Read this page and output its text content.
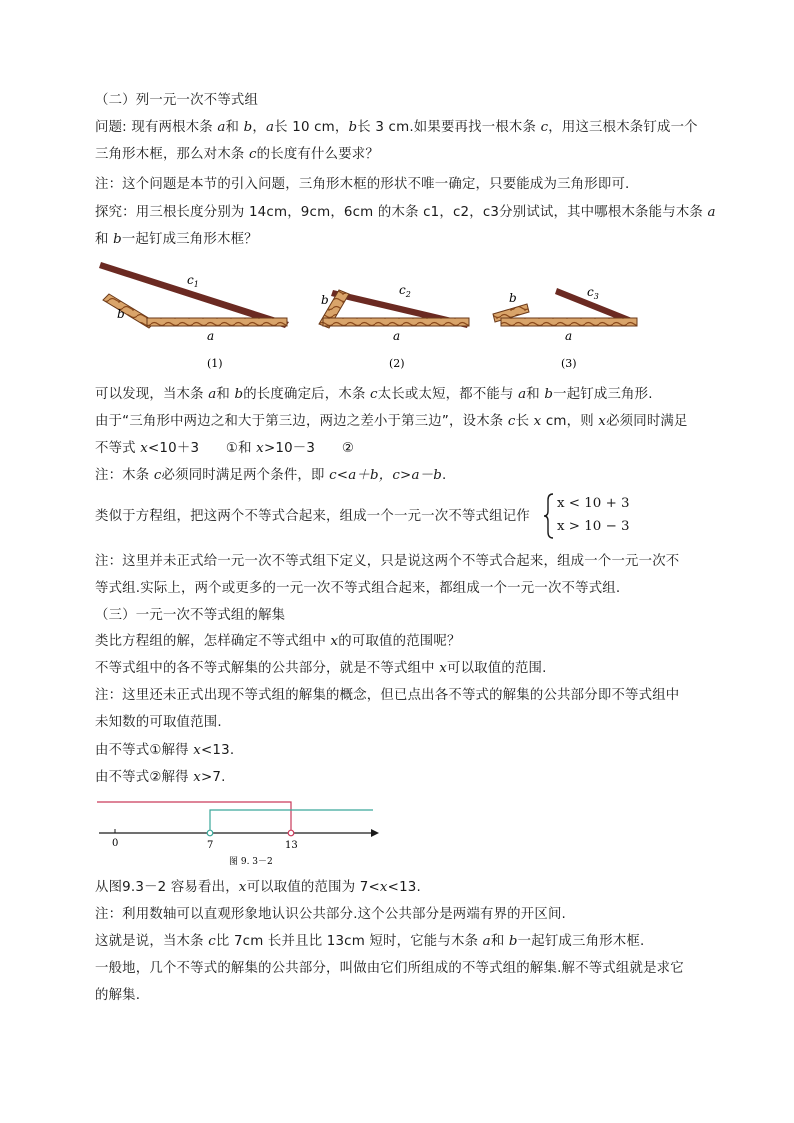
（二）列一元一次不等式组
问题: 现有两根木条 a和 b，a长 10 cm，b长 3 cm.如果要再找一根木条 c，用这三根木条钉成一个
三角形木框，那么对木条 c的长度有什么要求？
注：这个问题是本节的引入问题，三角形木框的形状不唯一确定，只要能成为三角形即可.
探究：用三根长度分别为 14cm，9cm，6cm 的木条 c1，c2，c3分别试试，其中哪根木条能与木条 a
和 b一起钉成三角形木框？
$c_1$
b
a
(1)
$c_2$
b
a
(2)
$c_3$
b
a
(3)
可以发现，当木条 a和 b的长度确定后，木条 c太长或太短，都不能与 a和 b一起钉成三角形.
由于“三角形中两边之和大于第三边，两边之差小于第三边”，设木条 c长 x cm，则 x必须同时满足
不等式 x<10＋3      ①和 x>10－3      ②
注：木条 c必须同时满足两个条件，即 c<a＋b，c>a－b.
类似于方程组，把这两个不等式合起来，组成一个一元一次不等式组记作
x < 10 + 3
x > 10 − 3
注：这里并未正式给一元一次不等式组下定义，只是说这两个不等式合起来，组成一个一元一次不
等式组.实际上，两个或更多的一元一次不等式组合起来，都组成一个一元一次不等式组.
（三）一元一次不等式组的解集
类比方程组的解，怎样确定不等式组中 x的可取值的范围呢？
不等式组中的各不等式解集的公共部分，就是不等式组中 x可以取值的范围.
注：这里还未正式出现不等式组的解集的概念，但已点出各不等式的解集的公共部分即不等式组中
未知数的可取值范围.
由不等式①解得 x<13.
由不等式②解得 x>7.
0	7	13
图 9. 3－2
从图9.3－2 容易看出，x可以取值的范围为 7<x<13.
注：利用数轴可以直观形象地认识公共部分.这个公共部分是两端有界的开区间.
这就是说，当木条 c比 7cm 长并且比 13cm 短时，它能与木条 a和 b一起钉成三角形木框.
一般地，几个不等式的解集的公共部分，叫做由它们所组成的不等式组的解集.解不等式组就是求它
的解集.
